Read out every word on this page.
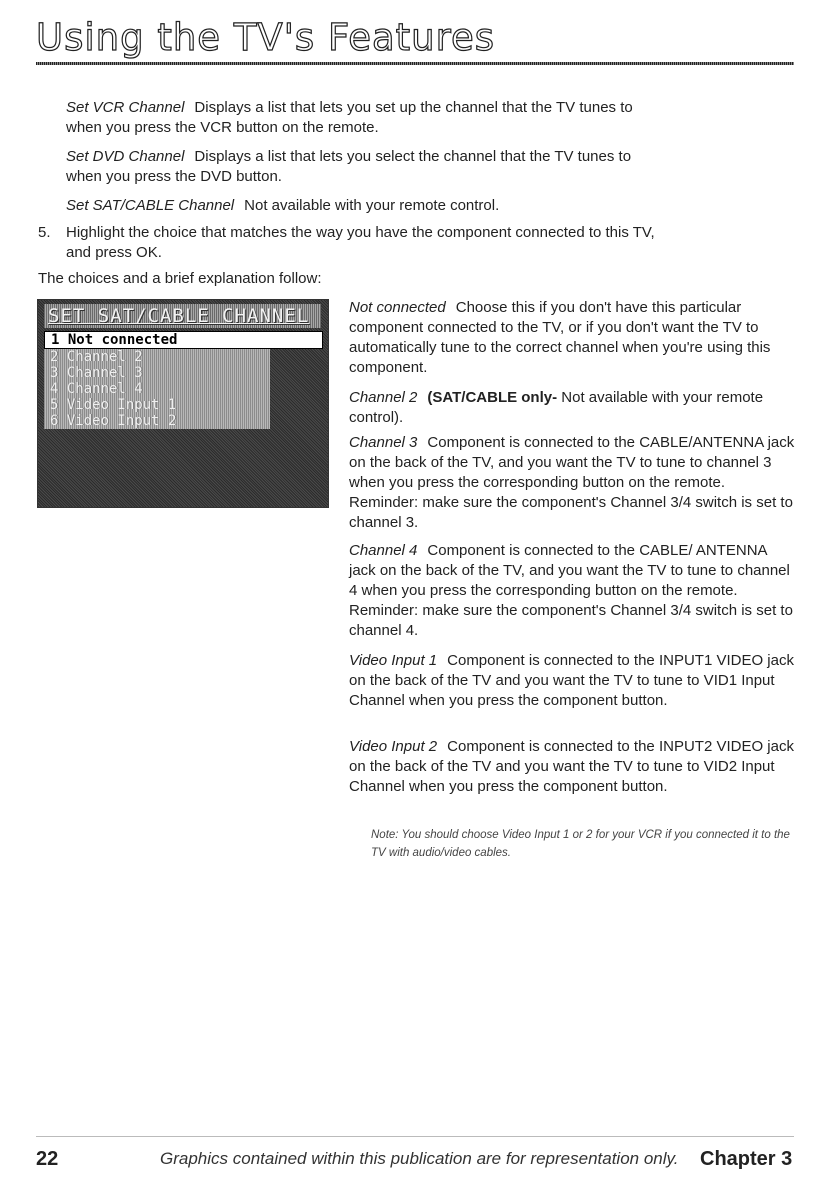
Using the TV's Features

Set VCR Channel Displays a list that lets you set up the channel that the TV tunes to when you press the VCR button on the remote.

Set DVD Channel Displays a list that lets you select the channel that the TV tunes to when you press the DVD button.

Set SAT/CABLE Channel Not available with your remote control.

5. Highlight the choice that matches the way you have the component connected to this TV, and press OK.

The choices and a brief explanation follow:

SET SAT/CABLE CHANNEL
1 Not connected
2 Channel 2
3 Channel 3
4 Channel 4
5 Video Input 1
6 Video Input 2

Not connected Choose this if you don't have this particular component connected to the TV, or if you don't want the TV to automatically tune to the correct channel when you're using this component.

Channel 2 (SAT/CABLE only- Not available with your remote control).

Channel 3 Component is connected to the CABLE/ANTENNA jack on the back of the TV, and you want the TV to tune to channel 3 when you press the corresponding button on the remote. Reminder: make sure the component's Channel 3/4 switch is set to channel 3.

Channel 4 Component is connected to the CABLE/ ANTENNA jack on the back of the TV, and you want the TV to tune to channel 4 when you press the corresponding button on the remote. Reminder: make sure the component's Channel 3/4 switch is set to channel 4.

Video Input 1 Component is connected to the INPUT1 VIDEO jack on the back of the TV and you want the TV to tune to VID1 Input Channel when you press the component button.

Video Input 2 Component is connected to the INPUT2 VIDEO jack on the back of the TV and you want the TV to tune to VID2 Input Channel when you press the component button.

Note: You should choose Video Input 1 or 2 for your VCR if you connected it to the TV with audio/video cables.

22	Graphics contained within this publication are for representation only. Chapter 3
